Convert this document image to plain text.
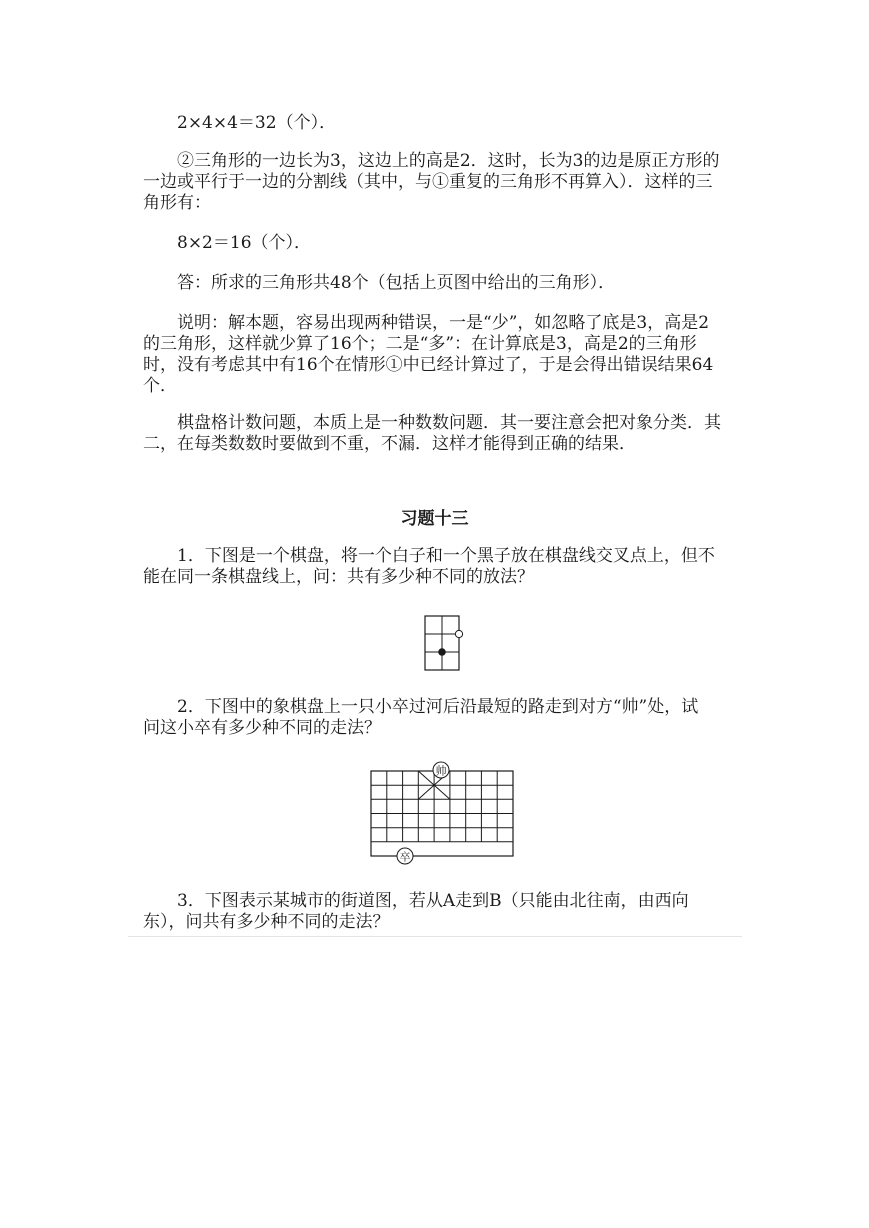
　　2×4×4＝32（个）．

　　②三角形的一边长为3，这边上的高是2．这时，长为3的边是原正方形的
一边或平行于一边的分割线（其中，与①重复的三角形不再算入）．这样的三
角形有：

　　8×2＝16（个）．

　　答：所求的三角形共48个（包括上页图中给出的三角形）．

　　说明：解本题，容易出现两种错误，一是“少”，如忽略了底是3，高是2
的三角形，这样就少算了16个；二是“多”：在计算底是3，高是2的三角形
时，没有考虑其中有16个在情形①中已经计算过了，于是会得出错误结果64
个．

　　棋盘格计数问题，本质上是一种数数问题．其一要注意会把对象分类．其
二，在每类数数时要做到不重，不漏．这样才能得到正确的结果．

习题十三

　　1．下图是一个棋盘，将一个白子和一个黑子放在棋盘线交叉点上，但不
能在同一条棋盘线上，问：共有多少种不同的放法？

　　2．下图中的象棋盘上一只小卒过河后沿最短的路走到对方“帅”处，试
问这小卒有多少种不同的走法？

帅
卒

　　3．下图表示某城市的街道图，若从A走到B（只能由北往南，由西向
东），问共有多少种不同的走法？
